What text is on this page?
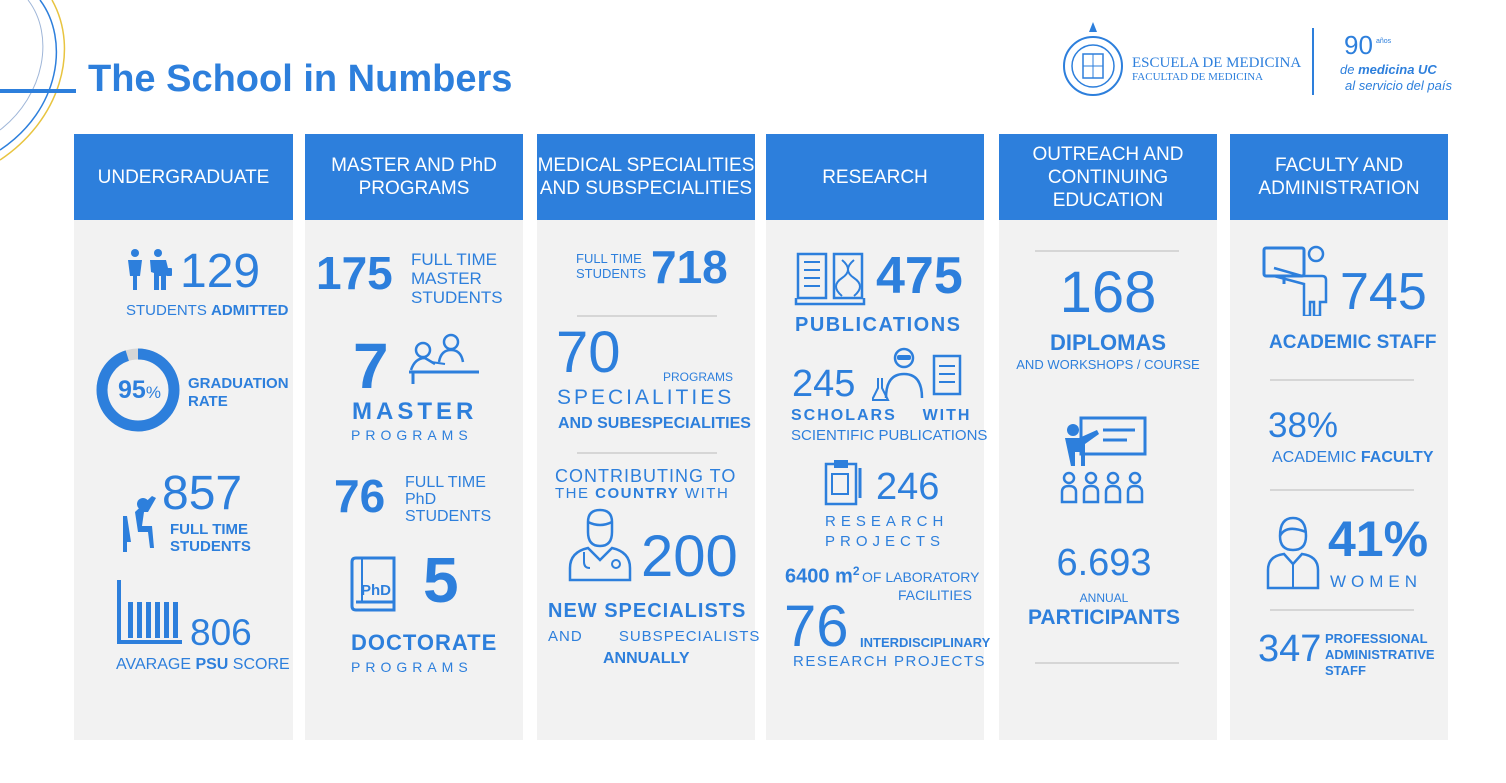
The School in Numbers	ESCUELA DE MEDICINA
FACULTAD DE MEDICINA
90 años
de medicina UC
al servicio del país
UNDERGRADUATE
129
STUDENTS ADMITTED
95% GRADUATION
RATE
857
FULL TIME
STUDENTS
806
AVARAGE PSU SCORE
MASTER AND PhD
PROGRAMS
175 FULL TIME
MASTER
STUDENTS
7
MASTER
PROGRAMS
76 FULL TIME
PhD
STUDENTS
PhD 5
DOCTORATE
PROGRAMS
MEDICAL SPECIALITIES
AND SUBSPECIALITIES
FULL TIME
STUDENTS 718
70	PROGRAMS
SPECIALITIES
AND SUBESPECIALITIES
CONTRIBUTING TO
THE COUNTRY WITH
200
NEW SPECIALISTS
AND       SUBSPECIALISTS
ANNUALLY
RESEARCH
475
PUBLICATIONS
245
SCHOLARS    WITH
SCIENTIFIC PUBLICATIONS
246
RESEARCH
PROJECTS
6400 $m^2$ OF LABORATORY
FACILITIES
76 INTERDISCIPLINARY
RESEARCH PROJECTS
OUTREACH AND
CONTINUING EDUCATION
168
DIPLOMAS
AND WORKSHOPS / COURSE
6.693
ANNUAL
PARTICIPANTS
FACULTY AND
ADMINISTRATION
745
ACADEMIC STAFF
38%
ACADEMIC FACULTY
41%
WOMEN
347 PROFESSIONAL
ADMINISTRATIVE
STAFF
